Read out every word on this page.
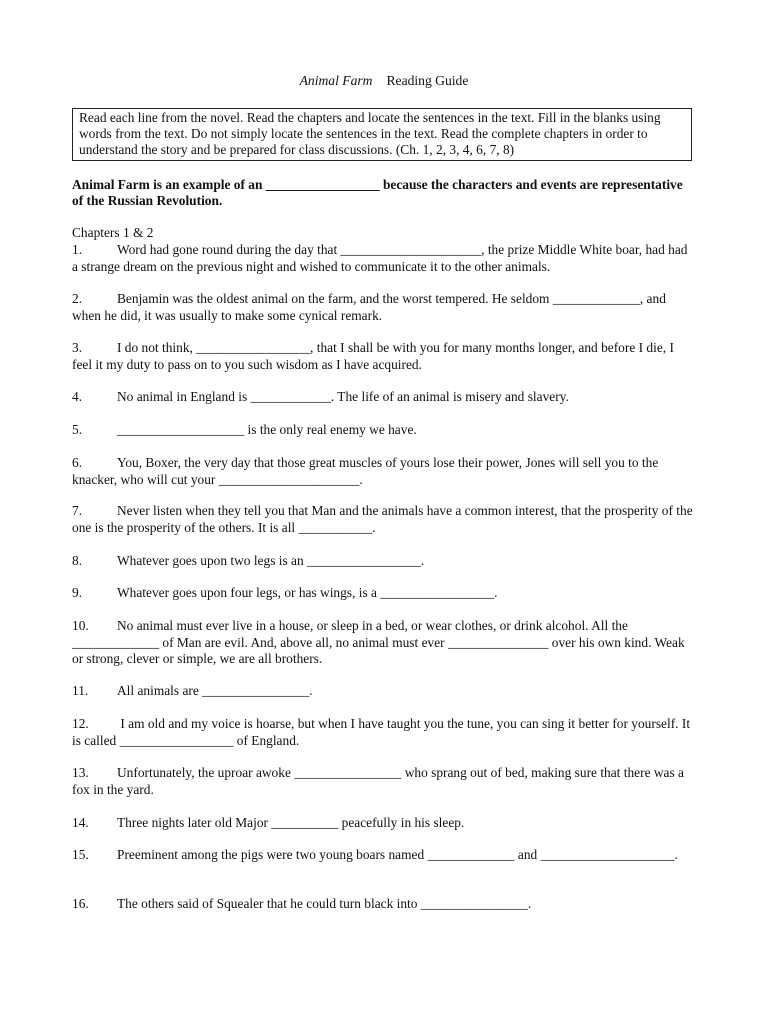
Animal Farm Reading Guide
Read each line from the novel. Read the chapters and locate the sentences in the text. Fill in the blanks using words from the text. Do not simply locate the sentences in the text. Read the complete chapters in order to understand the story and be prepared for class discussions. (Ch. 1, 2, 3, 4, 6, 7, 8)
Animal Farm is an example of an _________________ because the characters and events are representative of the Russian Revolution.
Chapters 1 & 2
1.	Word had gone round during the day that _____________________, the prize Middle White boar, had had a strange dream on the previous night and wished to communicate it to the other animals.
2.	Benjamin was the oldest animal on the farm, and the worst tempered. He seldom _____________, and when he did, it was usually to make some cynical remark.
3.	I do not think, _________________, that I shall be with you for many months longer, and before I die, I feel it my duty to pass on to you such wisdom as I have acquired.
4.	No animal in England is ____________. The life of an animal is misery and slavery.
5.	___________________ is the only real enemy we have.
6.	You, Boxer, the very day that those great muscles of yours lose their power, Jones will sell you to the knacker, who will cut your _____________________.
7.	Never listen when they tell you that Man and the animals have a common interest, that the prosperity of the one is the prosperity of the others. It is all ___________.
8.	Whatever goes upon two legs is an _________________.
9.	Whatever goes upon four legs, or has wings, is a _________________.
10. No animal must ever live in a house, or sleep in a bed, or wear clothes, or drink alcohol. All the _____________ of Man are evil. And, above all, no animal must ever _______________ over his own kind. Weak or strong, clever or simple, we are all brothers.
11. All animals are ________________.
12. I am old and my voice is hoarse, but when I have taught you the tune, you can sing it better for yourself. It is called _________________ of England.
13. Unfortunately, the uproar awoke ________________ who sprang out of bed, making sure that there was a fox in the yard.
14. Three nights later old Major __________ peacefully in his sleep.
15. Preeminent among the pigs were two young boars named _____________ and ____________________.
16. The others said of Squealer that he could turn black into ________________.
